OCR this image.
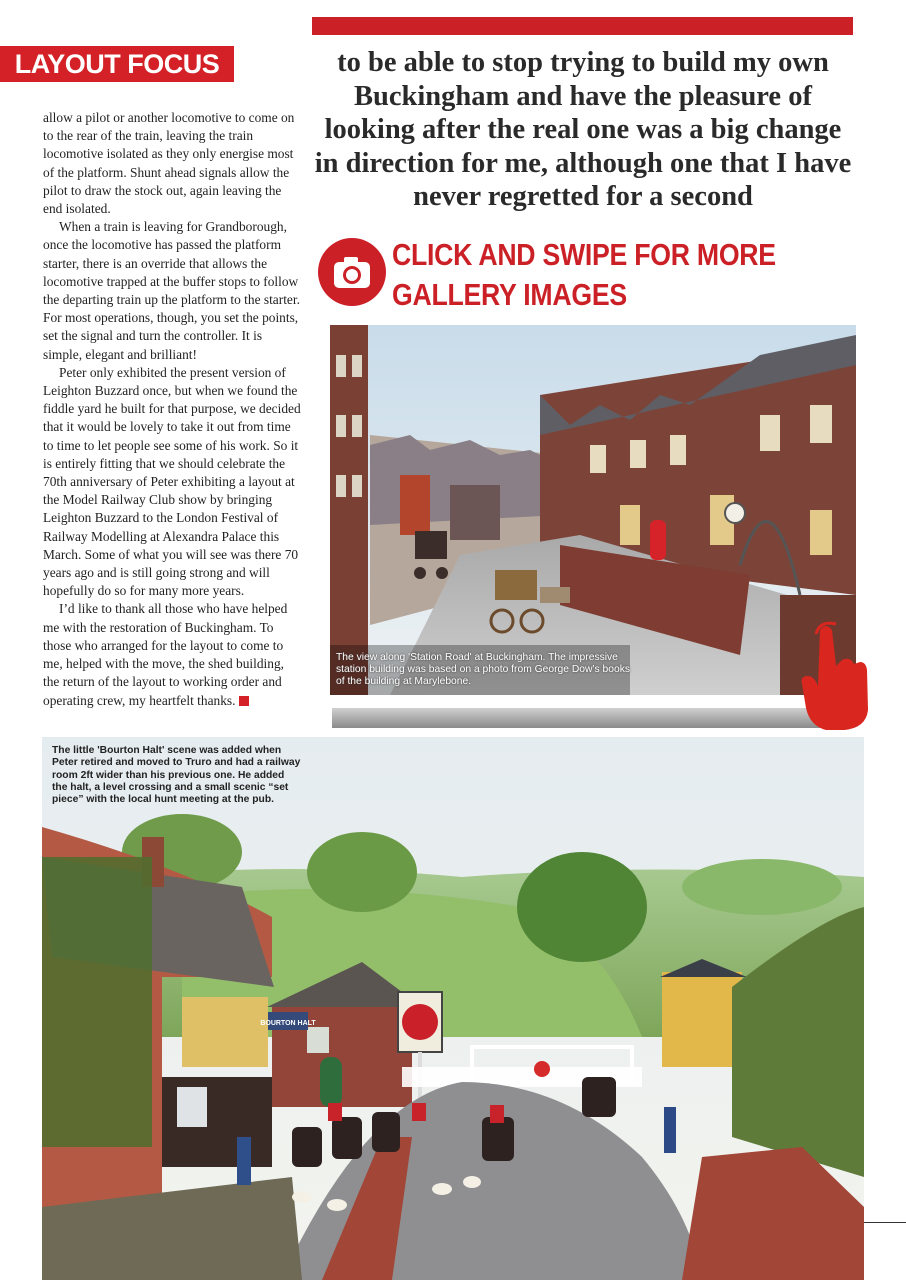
LAYOUT FOCUS

allow a pilot or another locomotive to come on to the rear of the train, leaving the train locomotive isolated as they only energise most of the platform. Shunt ahead signals allow the pilot to draw the stock out, again leaving the end isolated.

When a train is leaving for Grandborough, once the locomotive has passed the platform starter, there is an override that allows the locomotive trapped at the buffer stops to follow the departing train up the platform to the starter. For most operations, though, you set the points, set the signal and turn the controller. It is simple, elegant and brilliant!

Peter only exhibited the present version of Leighton Buzzard once, but when we found the fiddle yard he built for that purpose, we decided that it would be lovely to take it out from time to time to let people see some of his work. So it is entirely fitting that we should celebrate the 70th anniversary of Peter exhibiting a layout at the Model Railway Club show by bringing Leighton Buzzard to the London Festival of Railway Modelling at Alexandra Palace this March. Some of what you will see was there 70 years ago and is still going strong and will hopefully do so for many more years.

I’d like to thank all those who have helped me with the restoration of Buckingham. To those who arranged for the layout to come to me, helped with the move, the shed building, the return of the layout to working order and operating crew, my heartfelt thanks.

to be able to stop trying to build my own Buckingham and have the pleasure of looking after the real one was a big change in direction for me, although one that I have never regretted for a second
CLICK AND SWIPE FOR MORE
GALLERY IMAGES
The view along 'Station Road' at Buckingham. The impressive station building was based on a photo from George Dow’s books of the building at Marylebone.
BOURTON HALT
The little 'Bourton Halt' scene was added when Peter retired and moved to Truro and had a railway room 2ft wider than his previous one. He added the halt, a level crossing and a small scenic “set piece” with the local hunt meeting at the pub.
